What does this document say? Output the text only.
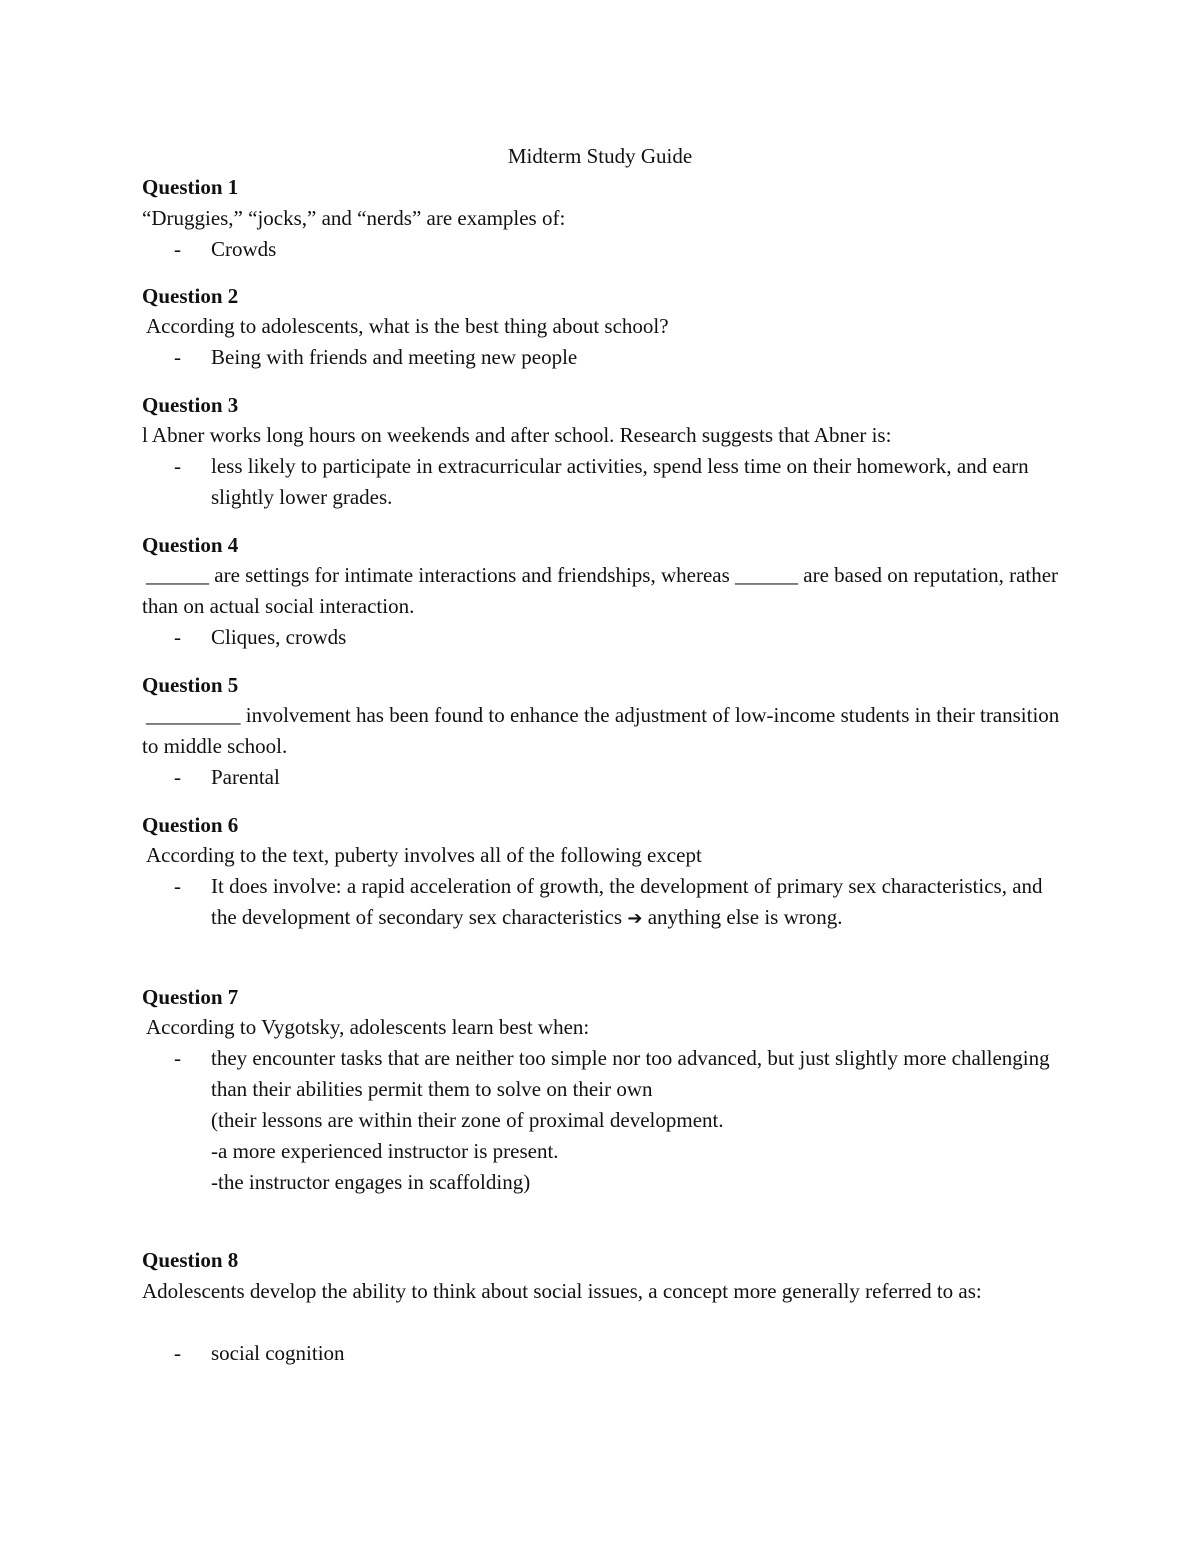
Midterm Study Guide
Question 1
“Druggies,” “jocks,” and “nerds” are examples of:
- Crowds
Question 2
According to adolescents, what is the best thing about school?
- Being with friends and meeting new people
Question 3
l Abner works long hours on weekends and after school. Research suggests that Abner is:
- less likely to participate in extracurricular activities, spend less time on their homework, and earn slightly lower grades.
Question 4
______ are settings for intimate interactions and friendships, whereas ______ are based on reputation, rather than on actual social interaction.
- Cliques, crowds
Question 5
_________ involvement has been found to enhance the adjustment of low-income students in their transition to middle school.
- Parental
Question 6
According to the text, puberty involves all of the following except
- It does involve: a rapid acceleration of growth, the development of primary sex characteristics, and the development of secondary sex characteristics ➔ anything else is wrong.
Question 7
According to Vygotsky, adolescents learn best when:
- they encounter tasks that are neither too simple nor too advanced, but just slightly more challenging than their abilities permit them to solve on their own
(their lessons are within their zone of proximal development.
-a more experienced instructor is present.
-the instructor engages in scaffolding)
Question 8
Adolescents develop the ability to think about social issues, a concept more generally referred to as:
- social cognition
